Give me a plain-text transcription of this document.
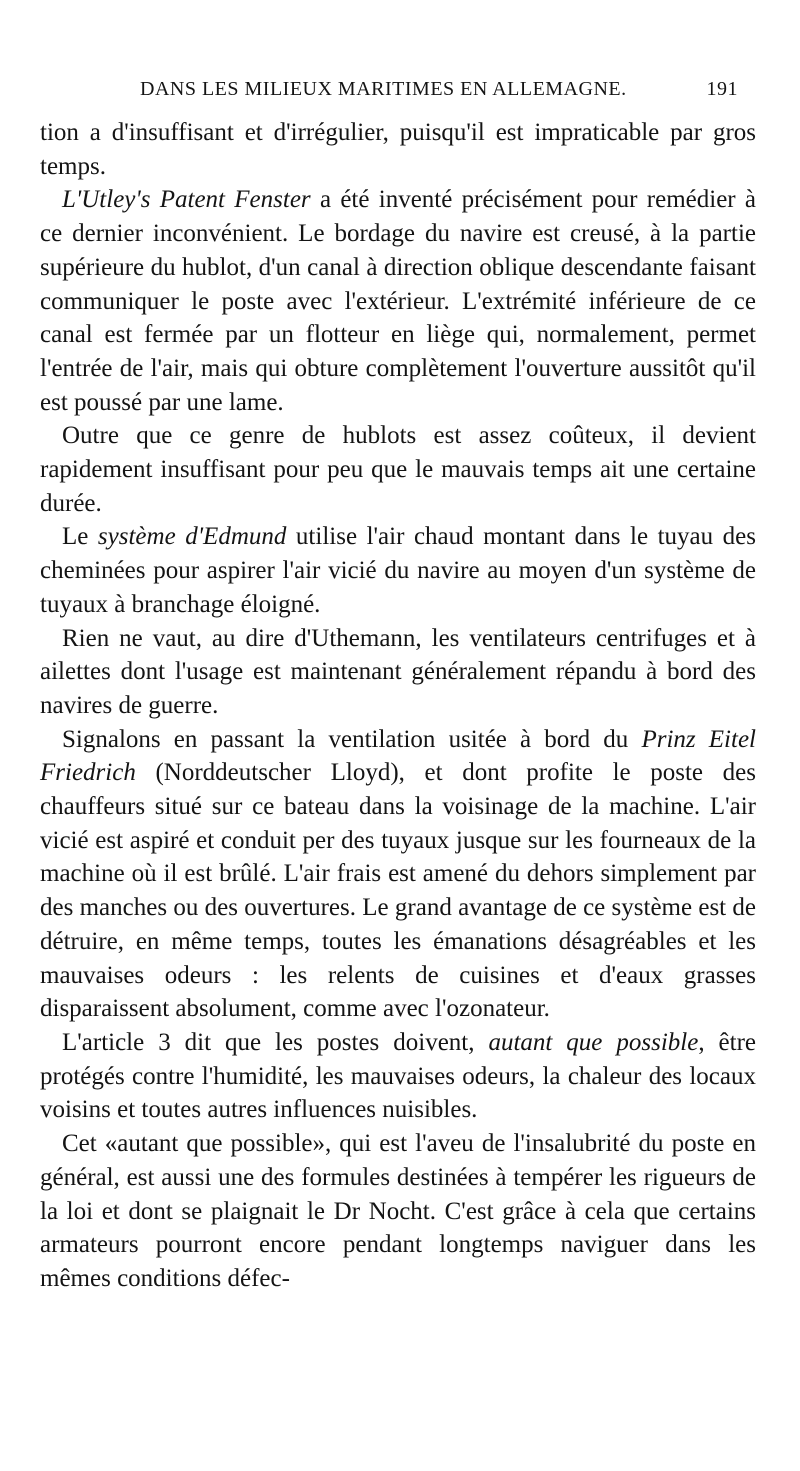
DANS LES MILIEUX MARITIMES EN ALLEMAGNE.	191

tion a d'insuffisant et d'irrégulier, puisqu'il est impraticable par gros temps.

L'Utley's Patent Fenster a été inventé précisément pour remédier à ce dernier inconvénient. Le bordage du navire est creusé, à la partie supérieure du hublot, d'un canal à direction oblique descendante faisant communiquer le poste avec l'extérieur. L'extrémité inférieure de ce canal est fermée par un flotteur en liège qui, normalement, permet l'entrée de l'air, mais qui obture complètement l'ouverture aussitôt qu'il est poussé par une lame.

Outre que ce genre de hublots est assez coûteux, il devient rapidement insuffisant pour peu que le mauvais temps ait une certaine durée.

Le système d'Edmund utilise l'air chaud montant dans le tuyau des cheminées pour aspirer l'air vicié du navire au moyen d'un système de tuyaux à branchage éloigné.

Rien ne vaut, au dire d'Uthemann, les ventilateurs centrifuges et à ailettes dont l'usage est maintenant généralement répandu à bord des navires de guerre.

Signalons en passant la ventilation usitée à bord du Prinz Eitel Friedrich (Norddeutscher Lloyd), et dont profite le poste des chauffeurs situé sur ce bateau dans la voisinage de la machine. L'air vicié est aspiré et conduit per des tuyaux jusque sur les fourneaux de la machine où il est brûlé. L'air frais est amené du dehors simplement par des manches ou des ouvertures. Le grand avantage de ce système est de détruire, en même temps, toutes les émanations désagréables et les mauvaises odeurs : les relents de cuisines et d'eaux grasses disparaissent absolument, comme avec l'ozonateur.

L'article 3 dit que les postes doivent, autant que possible, être protégés contre l'humidité, les mauvaises odeurs, la chaleur des locaux voisins et toutes autres influences nuisibles.

Cet «autant que possible», qui est l'aveu de l'insalubrité du poste en général, est aussi une des formules destinées à tempérer les rigueurs de la loi et dont se plaignait le Dr Nocht. C'est grâce à cela que certains armateurs pourront encore pendant longtemps naviguer dans les mêmes conditions défec-
